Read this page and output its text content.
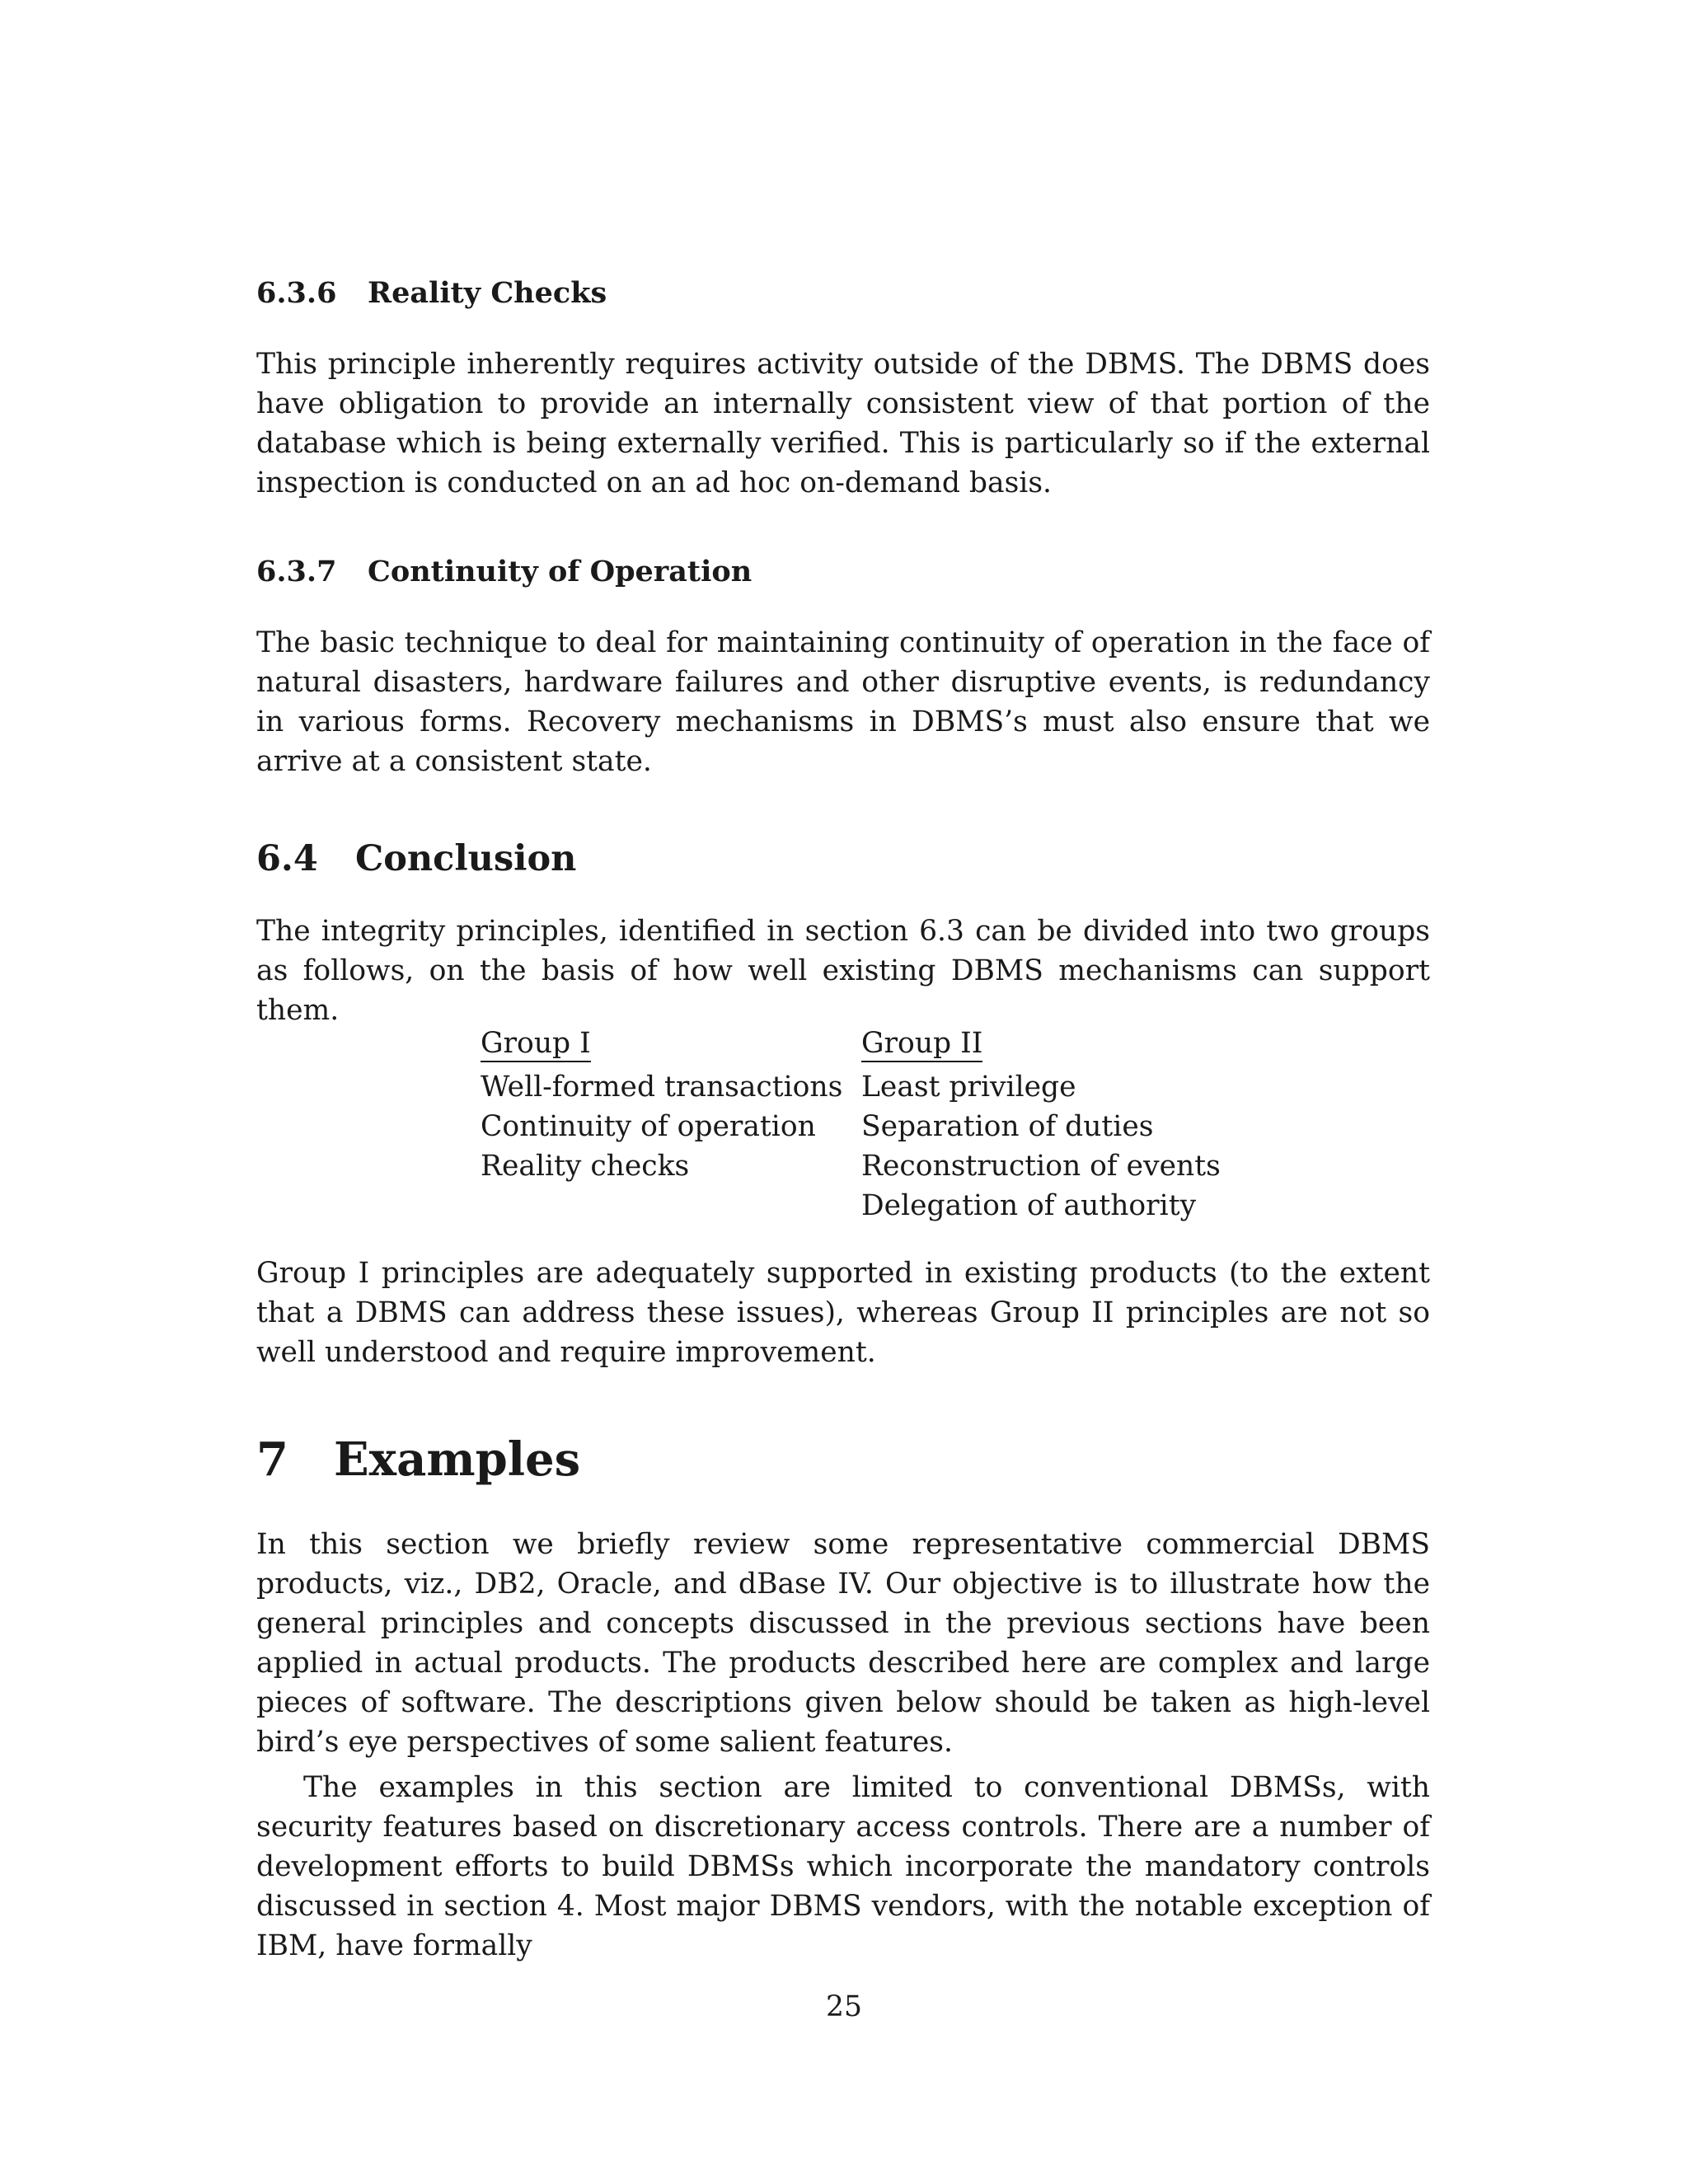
6.3.6 Reality Checks

This principle inherently requires activity outside of the DBMS. The DBMS does have obligation to provide an internally consistent view of that portion of the database which is being externally verified. This is particularly so if the external inspection is conducted on an ad hoc on-demand basis.

6.3.7 Continuity of Operation

The basic technique to deal for maintaining continuity of operation in the face of natural disasters, hardware failures and other disruptive events, is redundancy in various forms. Recovery mechanisms in DBMS’s must also ensure that we arrive at a consistent state.

6.4 Conclusion

The integrity principles, identified in section 6.3 can be divided into two groups as follows, on the basis of how well existing DBMS mechanisms can support them.

Group I
Well-formed transactions
Continuity of operation
Reality checks
Group II
Least privilege
Separation of duties
Reconstruction of events
Delegation of authority

Group I principles are adequately supported in existing products (to the extent that a DBMS can address these issues), whereas Group II principles are not so well understood and require improvement.

7 Examples

In this section we briefly review some representative commercial DBMS products, viz., DB2, Oracle, and dBase IV. Our objective is to illustrate how the general principles and concepts discussed in the previous sections have been applied in actual products. The products described here are complex and large pieces of software. The descriptions given below should be taken as high-level bird’s eye perspectives of some salient features.

The examples in this section are limited to conventional DBMSs, with security features based on discretionary access controls. There are a number of development efforts to build DBMSs which incorporate the mandatory controls discussed in section 4. Most major DBMS vendors, with the notable exception of IBM, have formally

25
